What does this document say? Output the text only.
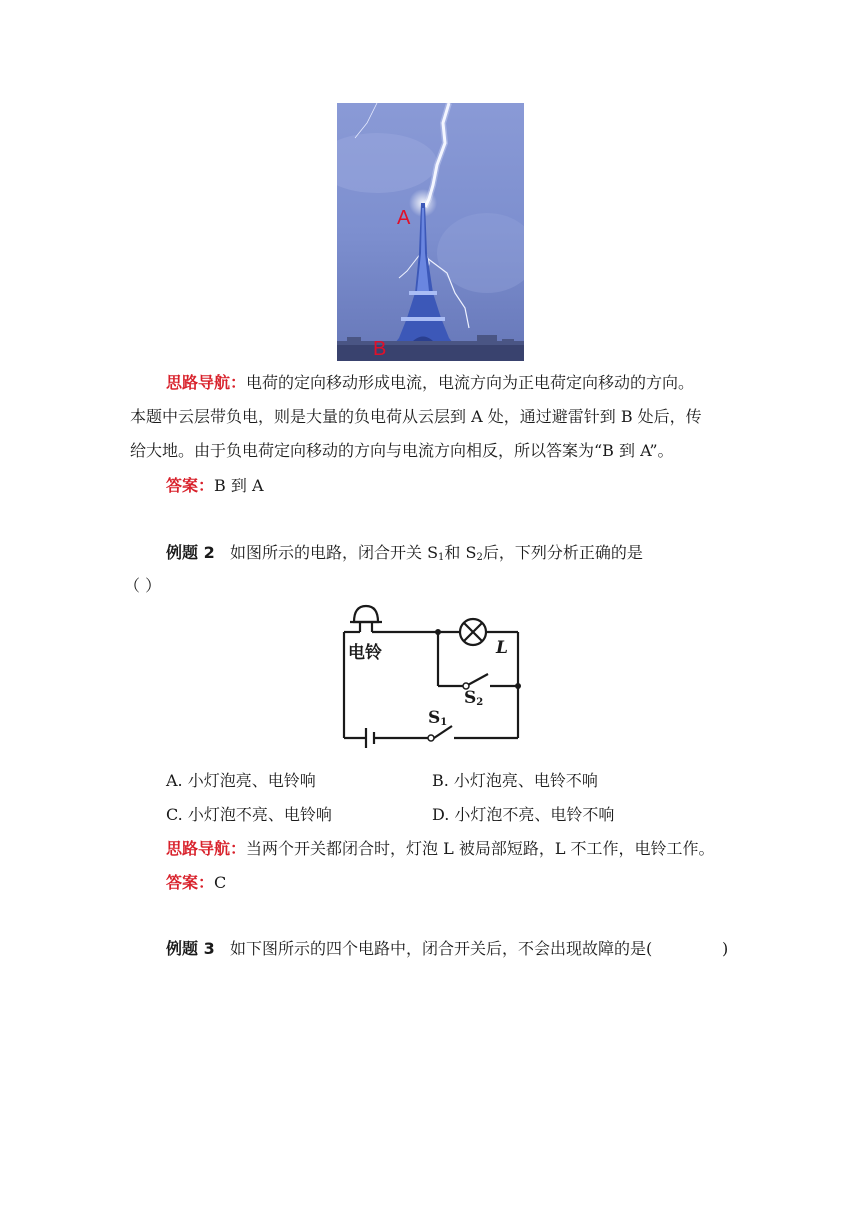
A
B
思路导航：电荷的定向移动形成电流，电流方向为正电荷定向移动的方向。
本题中云层带负电，则是大量的负电荷从云层到 A 处，通过避雷针到 B 处后，传
给大地。由于负电荷定向移动的方向与电流方向相反，所以答案为“B 到 A”。
答案：B 到 A
例题 2 如图所示的电路，闭合开关 $S_1$和 $S_2$后，下列分析正确的是
（ ）
电铃	L
$S_2$
$S_1$
A. 小灯泡亮、电铃响	B. 小灯泡亮、电铃不响
C. 小灯泡不亮、电铃响	D. 小灯泡不亮、电铃不响
思路导航：当两个开关都闭合时，灯泡 L 被局部短路，L 不工作，电铃工作。
答案：C
例题 3 如下图所示的四个电路中，闭合开关后，不会出现故障的是(	)
